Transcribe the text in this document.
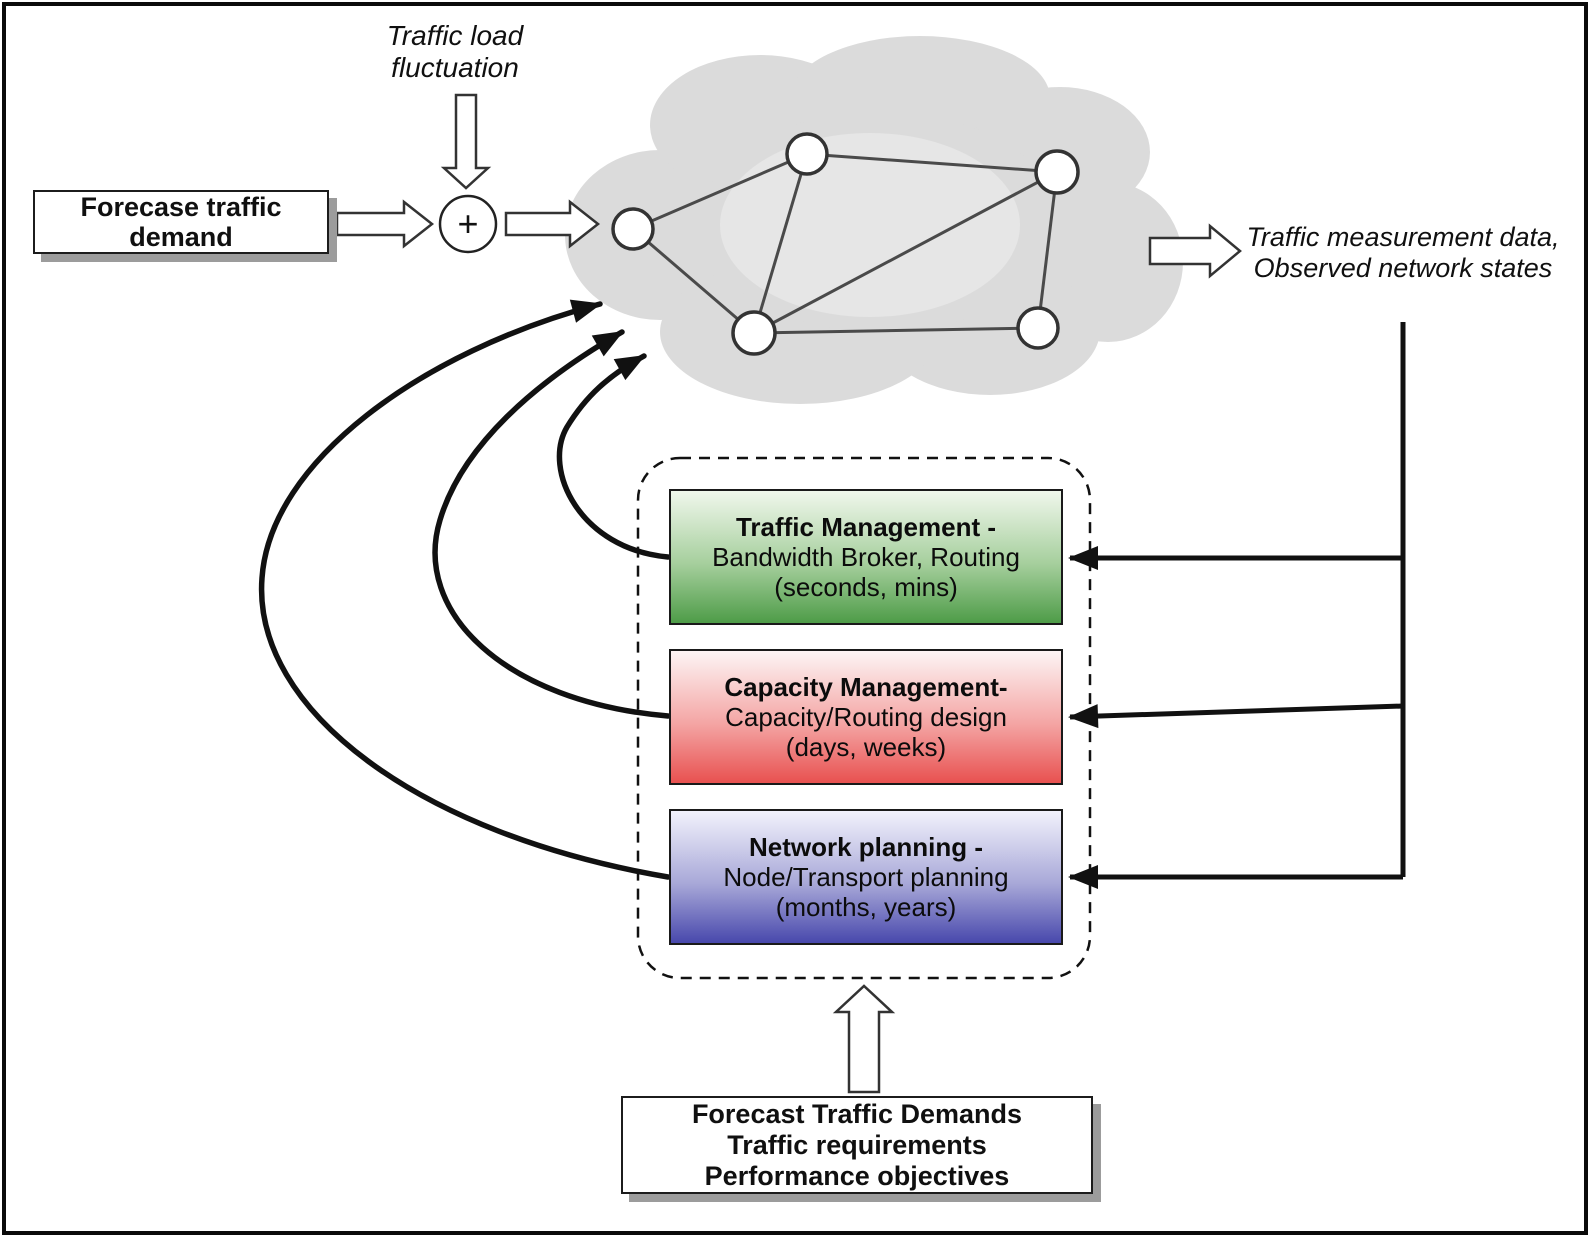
+
Traffic load
fluctuation
Forecase traffic
demand	Traffic measurement data,
Observed network states
Traffic Management -
Bandwidth Broker, Routing
(seconds, mins)
Capacity Management-
Capacity/Routing design
(days, weeks)
Network planning -
Node/Transport planning
(months, years)
Forecast Traffic Demands
Traffic requirements
Performance objectives
